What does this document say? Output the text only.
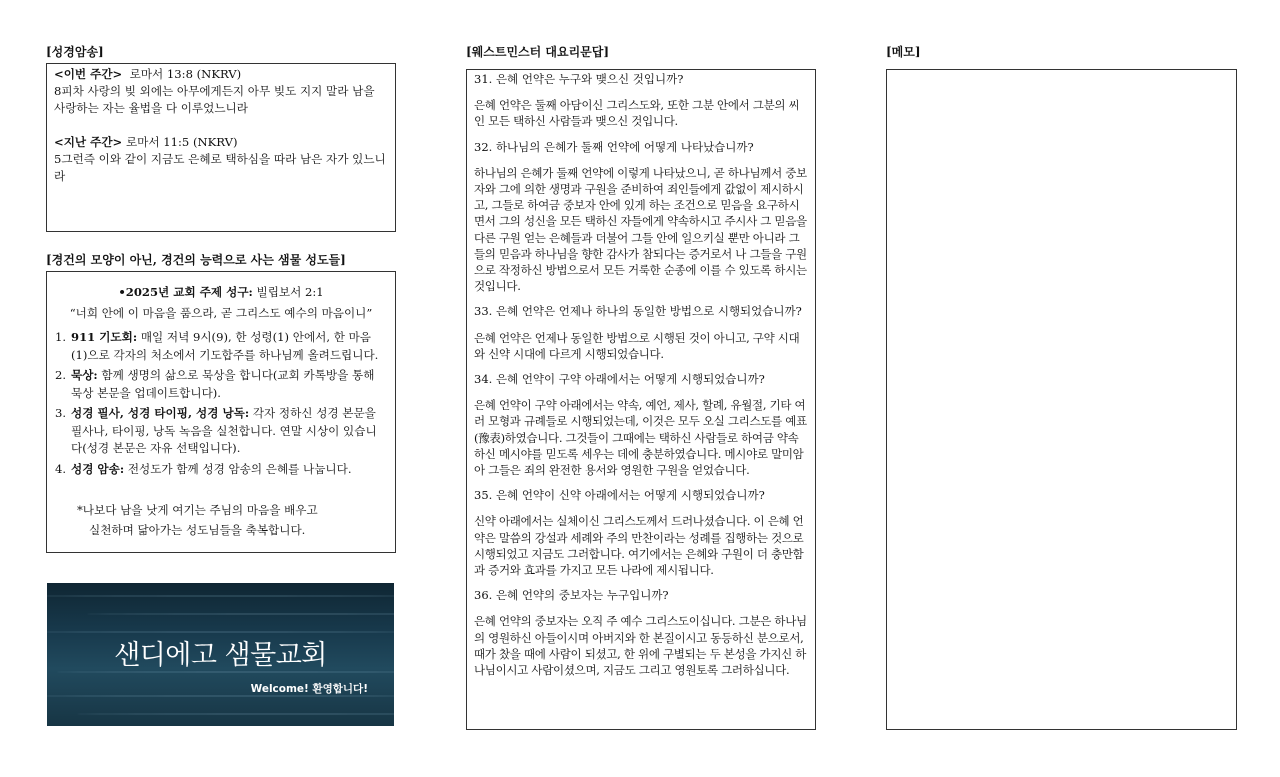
[성경암송]
<이번 주간> 로마서 13:8 (NKRV)
8피차 사랑의 빚 외에는 아무에게든지 아무 빚도 지지 말라 남을 사랑하는 자는 율법을 다 이루었느니라
<지난 주간> 로마서 11:5 (NKRV)
5그런즉 이와 같이 지금도 은혜로 택하심을 따라 남은 자가 있느니라
[경건의 모양이 아닌, 경건의 능력으로 사는 샘물 성도들]
•2025년 교회 주제 성구: 빌립보서 2:1
“너희 안에 이 마음을 품으라, 곧 그리스도 예수의 마음이니”
1. 911 기도회: 매일 저녁 9시(9), 한 성령(1) 안에서, 한 마음(1)으로 각자의 처소에서 기도합주를 하나님께 올려드립니다.
2. 묵상: 함께 생명의 삶으로 묵상을 합니다(교회 카톡방을 통해 묵상 본문을 업데이트합니다).
3. 성경 필사, 성경 타이핑, 성경 낭독: 각자 정하신 성경 본문을 필사나, 타이핑, 낭독 녹음을 실천합니다. 연말 시상이 있습니다(성경 본문은 자유 선택입니다).
4. 성경 암송: 전성도가 함께 성경 암송의 은혜를 나눕니다.
*나보다 남을 낫게 여기는 주님의 마음을 배우고
실천하며 닮아가는 성도님들을 축복합니다.
샌디에고 샘물교회
Welcome! 환영합니다!
[웨스트민스터 대요리문답]
31. 은혜 언약은 누구와 맺으신 것입니까?
은혜 언약은 둘째 아담이신 그리스도와, 또한 그분 안에서 그분의 씨인 모든 택하신 사람들과 맺으신 것입니다.
32. 하나님의 은혜가 둘째 언약에 어떻게 나타났습니까?
하나님의 은혜가 둘째 언약에 이렇게 나타났으니, 곧 하나님께서 중보자와 그에 의한 생명과 구원을 준비하여 죄인들에게 값없이 제시하시고, 그들로 하여금 중보자 안에 있게 하는 조건으로 믿음을 요구하시면서 그의 성신을 모든 택하신 자들에게 약속하시고 주시사 그 믿음을 다른 구원 얻는 은혜들과 더불어 그들 안에 일으키실 뿐만 아니라 그들의 믿음과 하나님을 향한 감사가 참되다는 증거로서 나 그들을 구원으로 작정하신 방법으로서 모든 거룩한 순종에 이를 수 있도록 하시는 것입니다.
33. 은혜 언약은 언제나 하나의 동일한 방법으로 시행되었습니까?
은혜 언약은 언제나 동일한 방법으로 시행된 것이 아니고, 구약 시대와 신약 시대에 다르게 시행되었습니다.
34. 은혜 언약이 구약 아래에서는 어떻게 시행되었습니까?
은혜 언약이 구약 아래에서는 약속, 예언, 제사, 할례, 유월절, 기타 여러 모형과 규례들로 시행되었는데, 이것은 모두 오실 그리스도를 예표(豫表)하였습니다. 그것들이 그때에는 택하신 사람들로 하여금 약속하신 메시야를 믿도록 세우는 데에 충분하였습니다. 메시야로 말미암아 그들은 죄의 완전한 용서와 영원한 구원을 얻었습니다.
35. 은혜 언약이 신약 아래에서는 어떻게 시행되었습니까?
신약 아래에서는 실체이신 그리스도께서 드러나셨습니다. 이 은혜 언약은 말씀의 강설과 세례와 주의 만찬이라는 성례를 집행하는 것으로 시행되었고 지금도 그러합니다. 여기에서는 은혜와 구원이 더 충만함과 증거와 효과를 가지고 모든 나라에 제시됩니다.
36. 은혜 언약의 중보자는 누구입니까?
은혜 언약의 중보자는 오직 주 예수 그리스도이십니다. 그분은 하나님의 영원하신 아들이시며 아버지와 한 본질이시고 동등하신 분으로서, 때가 찼을 때에 사람이 되셨고, 한 위에 구별되는 두 본성을 가지신 하나님이시고 사람이셨으며, 지금도 그리고 영원토록 그러하십니다.
[메모]
